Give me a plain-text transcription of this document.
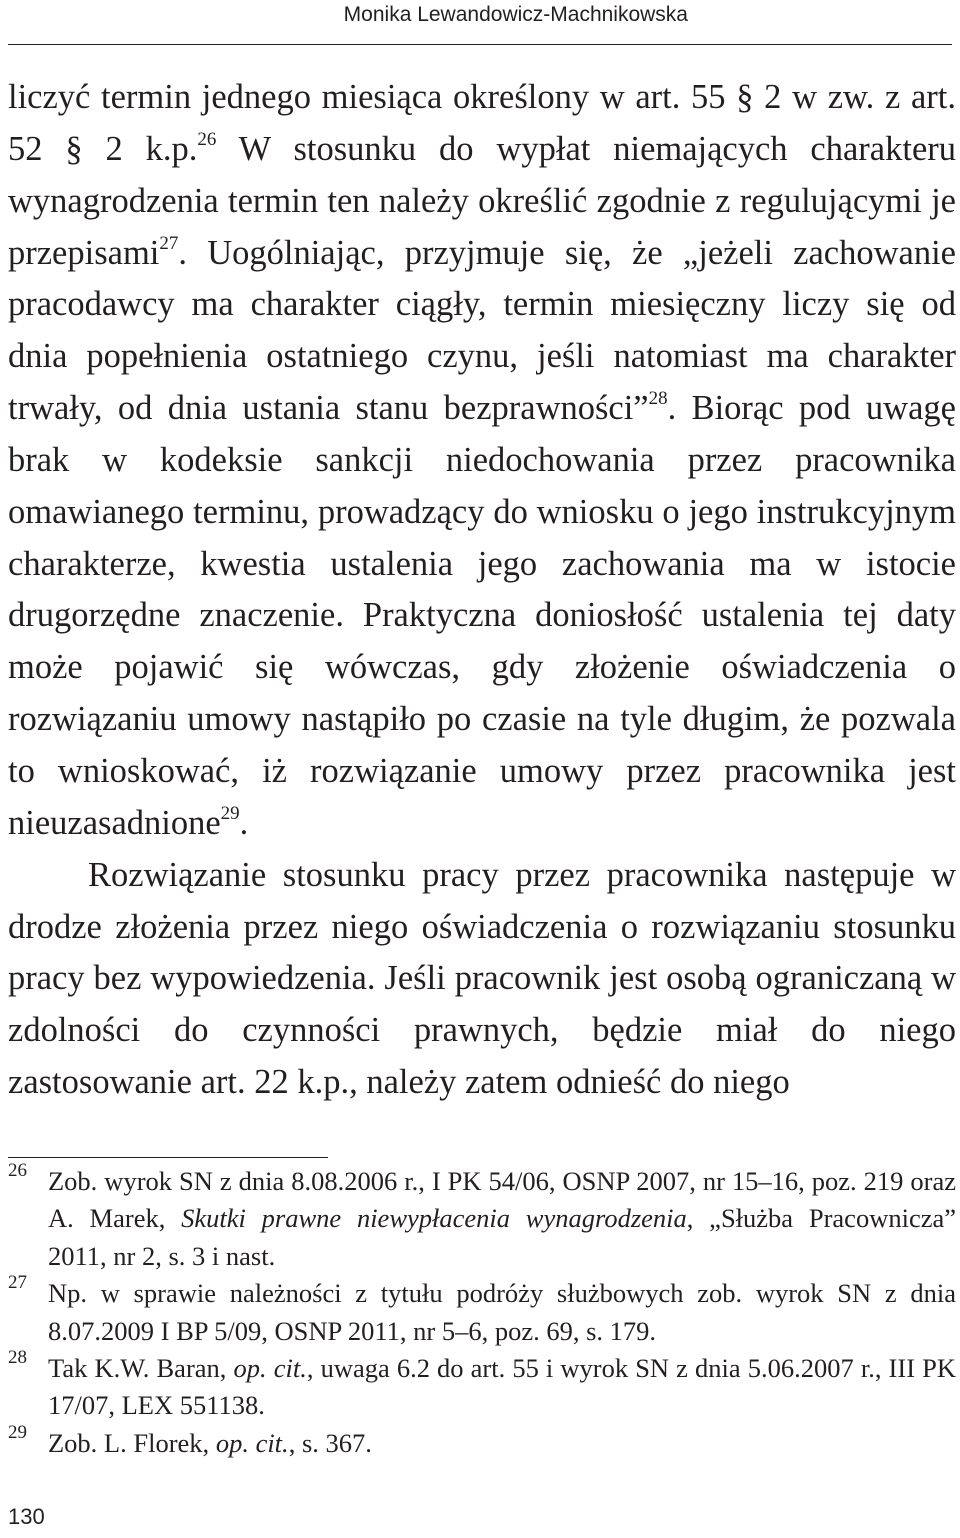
Monika Lewandowicz-Machnikowska

liczyć termin jednego miesiąca określony w art. 55 § 2 w zw. z art. 52 § 2 k.p.$^{26}$ W stosunku do wypłat niemających charakteru wynagrodzenia termin ten należy określić zgodnie z regulującymi je przepisami$^{27}$. Uogólniając, przyjmuje się, że „jeżeli zachowanie pracodawcy ma charakter ciągły, termin miesięczny liczy się od dnia popełnienia ostatniego czynu, jeśli natomiast ma charakter trwały, od dnia ustania stanu bezprawności”$^{28}$. Biorąc pod uwagę brak w kodeksie sankcji niedochowania przez pracownika omawianego terminu, prowadzący do wniosku o jego instrukcyjnym charakterze, kwestia ustalenia jego zachowania ma w istocie drugorzędne znaczenie. Praktyczna doniosłość ustalenia tej daty może pojawić się wówczas, gdy złożenie oświadczenia o rozwiązaniu umowy nastąpiło po czasie na tyle długim, że pozwala to wnioskować, iż rozwiązanie umowy przez pracownika jest nieuzasadnione$^{29}$.

Rozwiązanie stosunku pracy przez pracownika następuje w drodze złożenia przez niego oświadczenia o rozwiązaniu stosunku pracy bez wypowiedzenia. Jeśli pracownik jest osobą ograniczaną w zdolności do czynności prawnych, będzie miał do niego zastosowanie art. 22 k.p., należy zatem odnieść do niego

26 Zob. wyrok SN z dnia 8.08.2006 r., I PK 54/06, OSNP 2007, nr 15–16, poz. 219 oraz A. Marek, Skutki prawne niewypłacenia wynagrodzenia, „Służba Pracownicza” 2011, nr 2, s. 3 i nast.
27 Np. w sprawie należności z tytułu podróży służbowych zob. wyrok SN z dnia 8.07.2009 I BP 5/09, OSNP 2011, nr 5–6, poz. 69, s. 179.
28 Tak K.W. Baran, op. cit., uwaga 6.2 do art. 55 i wyrok SN z dnia 5.06.2007 r., III PK 17/07, LEX 551138.
29 Zob. L. Florek, op. cit., s. 367.
130
